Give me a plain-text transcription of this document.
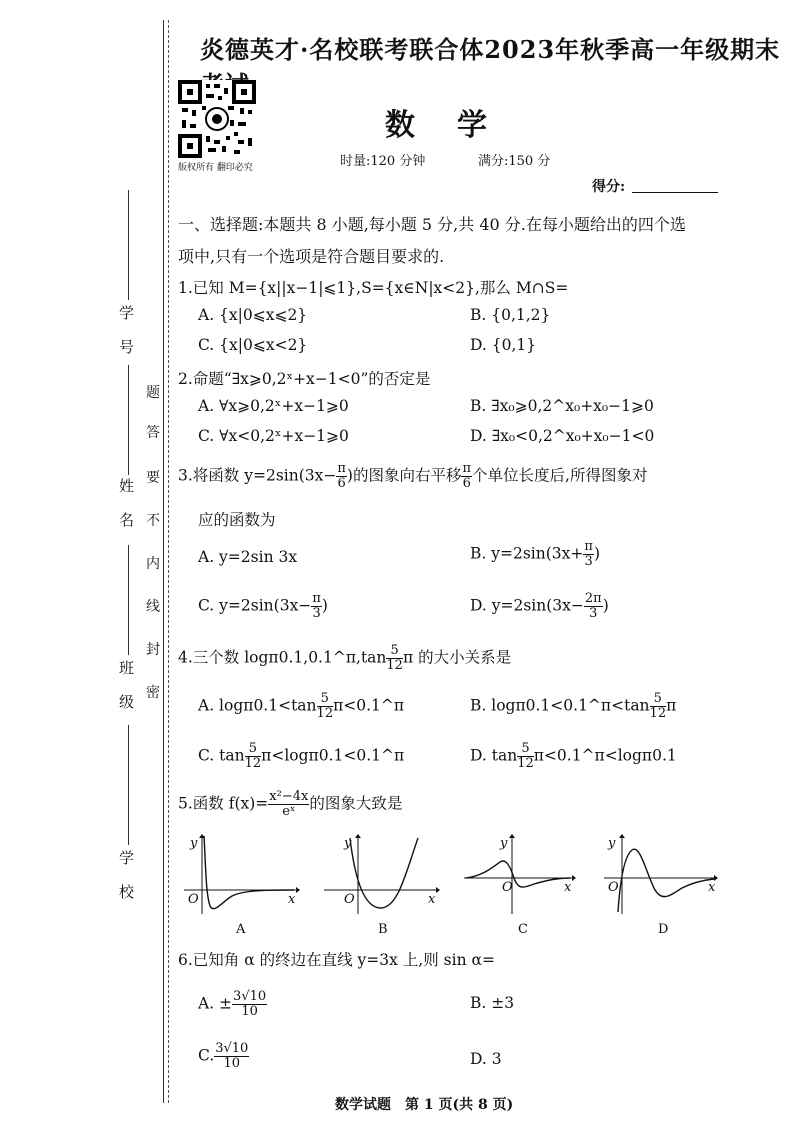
学　号
姓　名
班　级
学　校
题
答
要
不
内
线
封
密
炎德英才·名校联考联合体2023年秋季高一年级期末
版权所有 翻印必究
数　学
时量:120 分钟	满分:150 分
得分:
一、选择题:本题共 8 小题,每小题 5 分,共 40 分.在每小题给出的四个选
项中,只有一个选项是符合题目要求的.
1.已知 M={x||x−1|⩽1},S={x∈N|x<2},那么 M∩S=
A. {x|0⩽x⩽2}	B. {0,1,2}
C. {x|0⩽x<2}	D. {0,1}
2.命题“∃x⩾0,2ˣ+x−1<0”的否定是
A. ∀x⩾0,2ˣ+x−1⩾0	B. ∃x₀⩾0,2^x₀+x₀−1⩾0
C. ∀x<0,2ˣ+x−1⩾0	D. ∃x₀<0,2^x₀+x₀−1<0
3.将函数 $y=2\sin(3x- \frac{\pi}{6}$ )的图象向右平移 $\frac{\pi}{6}$ 个单位长度后,所得图象对
应的函数为
A. y=2sin 3x	B. $y=2\sin(3x+ \frac{\pi}{3}$ )
C. $y=2\sin(3x- \frac{\pi}{3}$ )	D. $y=2\sin(3x- \frac{2\pi}{3}$ )
4.三个数 logπ0.1,0.1^π,tan $\frac{5}{12}$ π 的大小关系是
A. $\log\pi 0.1<\tan \frac{5}{12}$ π<0.1^π	B. logπ0.1<0.1^π<tan $\frac{5}{12}$ π
C. $\tan \frac{5}{12}$ π<logπ0.1<0.1^π	D. $\tan \frac{5}{12}$ π<0.1^π<logπ0.1
5.函数 $f(x)= \frac{\text{x²−4x}}{\text{eˣ}}$ 的图象大致是
y
x
O
A
y
x
O
B
y
x
O
C
y
x
O
D
6.已知角 α 的终边在直线 y=3x 上,则 sin α=
A. ± $\frac{3√10}{10}$	B. ±3
C. $\frac{3√10}{10}$	D. 3
数学试题　第 1 页(共 8 页)
